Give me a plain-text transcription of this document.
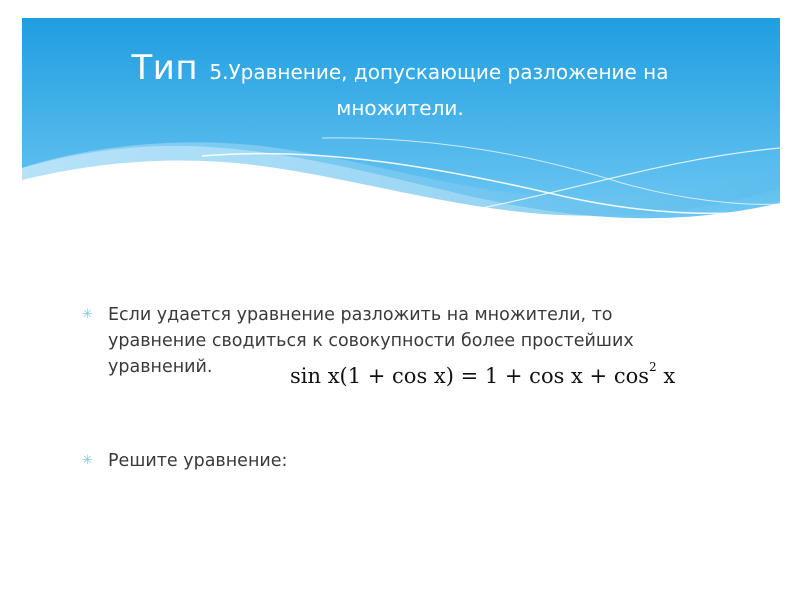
Тип 5.Уравнение, допускающие разложение на
множители.
✳ Если удается уравнение разложить на множители, то уравнение сводиться к совокупности более простейших уравнений.
✳ Решите уравнение:
$\sin x(1 + \cos x) = 1 + \cos x + \cos^2 x$
